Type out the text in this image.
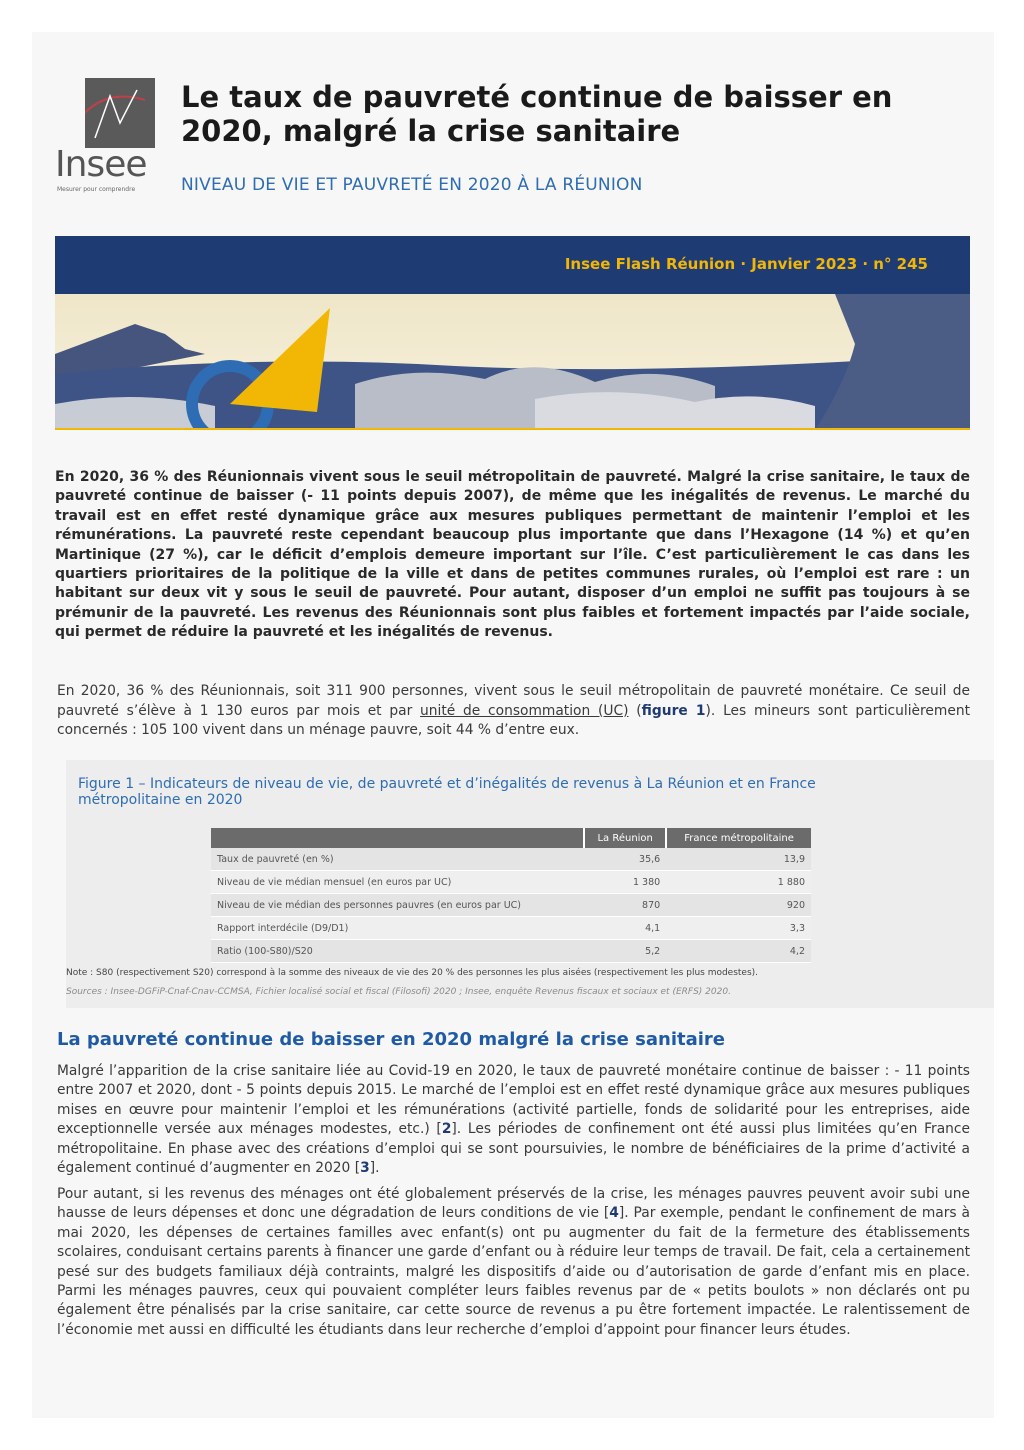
Insee
Mesurer pour comprendre
Le taux de pauvreté continue de baisser en 2020, malgré la crise sanitaire
NIVEAU DE VIE ET PAUVRETÉ EN 2020 À LA RÉUNION
Insee Flash Réunion · Janvier 2023 · n° 245

En 2020, 36 % des Réunionnais vivent sous le seuil métropolitain de pauvreté. Malgré la crise sanitaire, le taux de pauvreté continue de baisser (- 11 points depuis 2007), de même que les inégalités de revenus. Le marché du travail est en effet resté dynamique grâce aux mesures publiques permettant de maintenir l’emploi et les rémunérations. La pauvreté reste cependant beaucoup plus importante que dans l’Hexagone (14 %) et qu’en Martinique (27 %), car le déficit d’emplois demeure important sur l’île. C’est particulièrement le cas dans les quartiers prioritaires de la politique de la ville et dans de petites communes rurales, où l’emploi est rare : un habitant sur deux vit y sous le seuil de pauvreté. Pour autant, disposer d’un emploi ne suffit pas toujours à se prémunir de la pauvreté. Les revenus des Réunionnais sont plus faibles et fortement impactés par l’aide sociale, qui permet de réduire la pauvreté et les inégalités de revenus.

En 2020, 36 % des Réunionnais, soit 311 900 personnes, vivent sous le seuil métropolitain de pauvreté monétaire. Ce seuil de pauvreté s’élève à 1 130 euros par mois et par unité de consommation (UC) (figure 1). Les mineurs sont particulièrement concernés : 105 100 vivent dans un ménage pauvre, soit 44 % d’entre eux.

Figure 1 – Indicateurs de niveau de vie, de pauvreté et d’inégalités de revenus à La Réunion et en France métropolitaine en 2020

	La Réunion	France métropolitaine
Taux de pauvreté (en %)	35,6	13,9
Niveau de vie médian mensuel (en euros par UC)	1 380	1 880
Niveau de vie médian des personnes pauvres (en euros par UC)	870	920
Rapport interdécile (D9/D1)	4,1	3,3
Ratio (100-S80)/S20	5,2	4,2

Note : S80 (respectivement S20) correspond à la somme des niveaux de vie des 20 % des personnes les plus aisées (respectivement les plus modestes).

Sources : Insee-DGFiP-Cnaf-Cnav-CCMSA, Fichier localisé social et fiscal (Filosofi) 2020 ; Insee, enquête Revenus fiscaux et sociaux et (ERFS) 2020.

La pauvreté continue de baisser en 2020 malgré la crise sanitaire

Malgré l’apparition de la crise sanitaire liée au Covid-19 en 2020, le taux de pauvreté monétaire continue de baisser : - 11 points entre 2007 et 2020, dont - 5 points depuis 2015. Le marché de l’emploi est en effet resté dynamique grâce aux mesures publiques mises en œuvre pour maintenir l’emploi et les rémunérations (activité partielle, fonds de solidarité pour les entreprises, aide exceptionnelle versée aux ménages modestes, etc.) [2]. Les périodes de confinement ont été aussi plus limitées qu’en France métropolitaine. En phase avec des créations d’emploi qui se sont poursuivies, le nombre de bénéficiaires de la prime d’activité a également continué d’augmenter en 2020 [3].

Pour autant, si les revenus des ménages ont été globalement préservés de la crise, les ménages pauvres peuvent avoir subi une hausse de leurs dépenses et donc une dégradation de leurs conditions de vie [4]. Par exemple, pendant le confinement de mars à mai 2020, les dépenses de certaines familles avec enfant(s) ont pu augmenter du fait de la fermeture des établissements scolaires, conduisant certains parents à financer une garde d’enfant ou à réduire leur temps de travail. De fait, cela a certainement pesé sur des budgets familiaux déjà contraints, malgré les dispositifs d’aide ou d’autorisation de garde d’enfant mis en place. Parmi les ménages pauvres, ceux qui pouvaient compléter leurs faibles revenus par de « petits boulots » non déclarés ont pu également être pénalisés par la crise sanitaire, car cette source de revenus a pu être fortement impactée. Le ralentissement de l’économie met aussi en difficulté les étudiants dans leur recherche d’emploi d’appoint pour financer leurs études.
